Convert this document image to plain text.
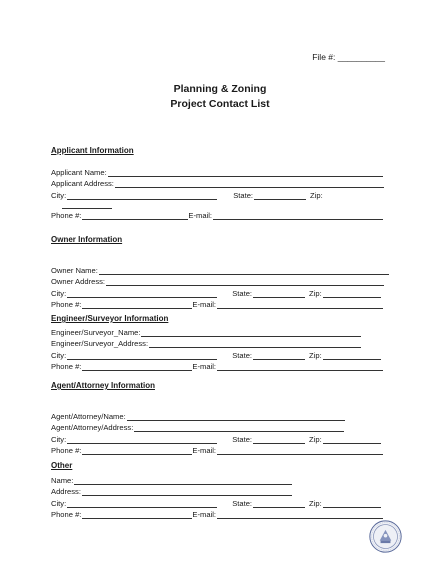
File #: __________
Planning & Zoning
Project Contact List
Applicant Information
Applicant Name:
Applicant Address:
City:	State:	Zip:
Phone #:	E-mail:
Owner Information
Owner Name:
Owner Address:
City:	State:	Zip:
Phone #:	E-mail:
Engineer/Surveyor Information
Engineer/Surveyor_Name:
Engineer/Surveyor_Address:
City:	State:	Zip:
Phone #:	E-mail:
Agent/Attorney Information
Agent/Attorney/Name:
Agent/Attorney/Address:
City:	State:	Zip:
Phone #:	E-mail:
Other
Name:
Address:
City:	State:	Zip:
Phone #:	E-mail:
